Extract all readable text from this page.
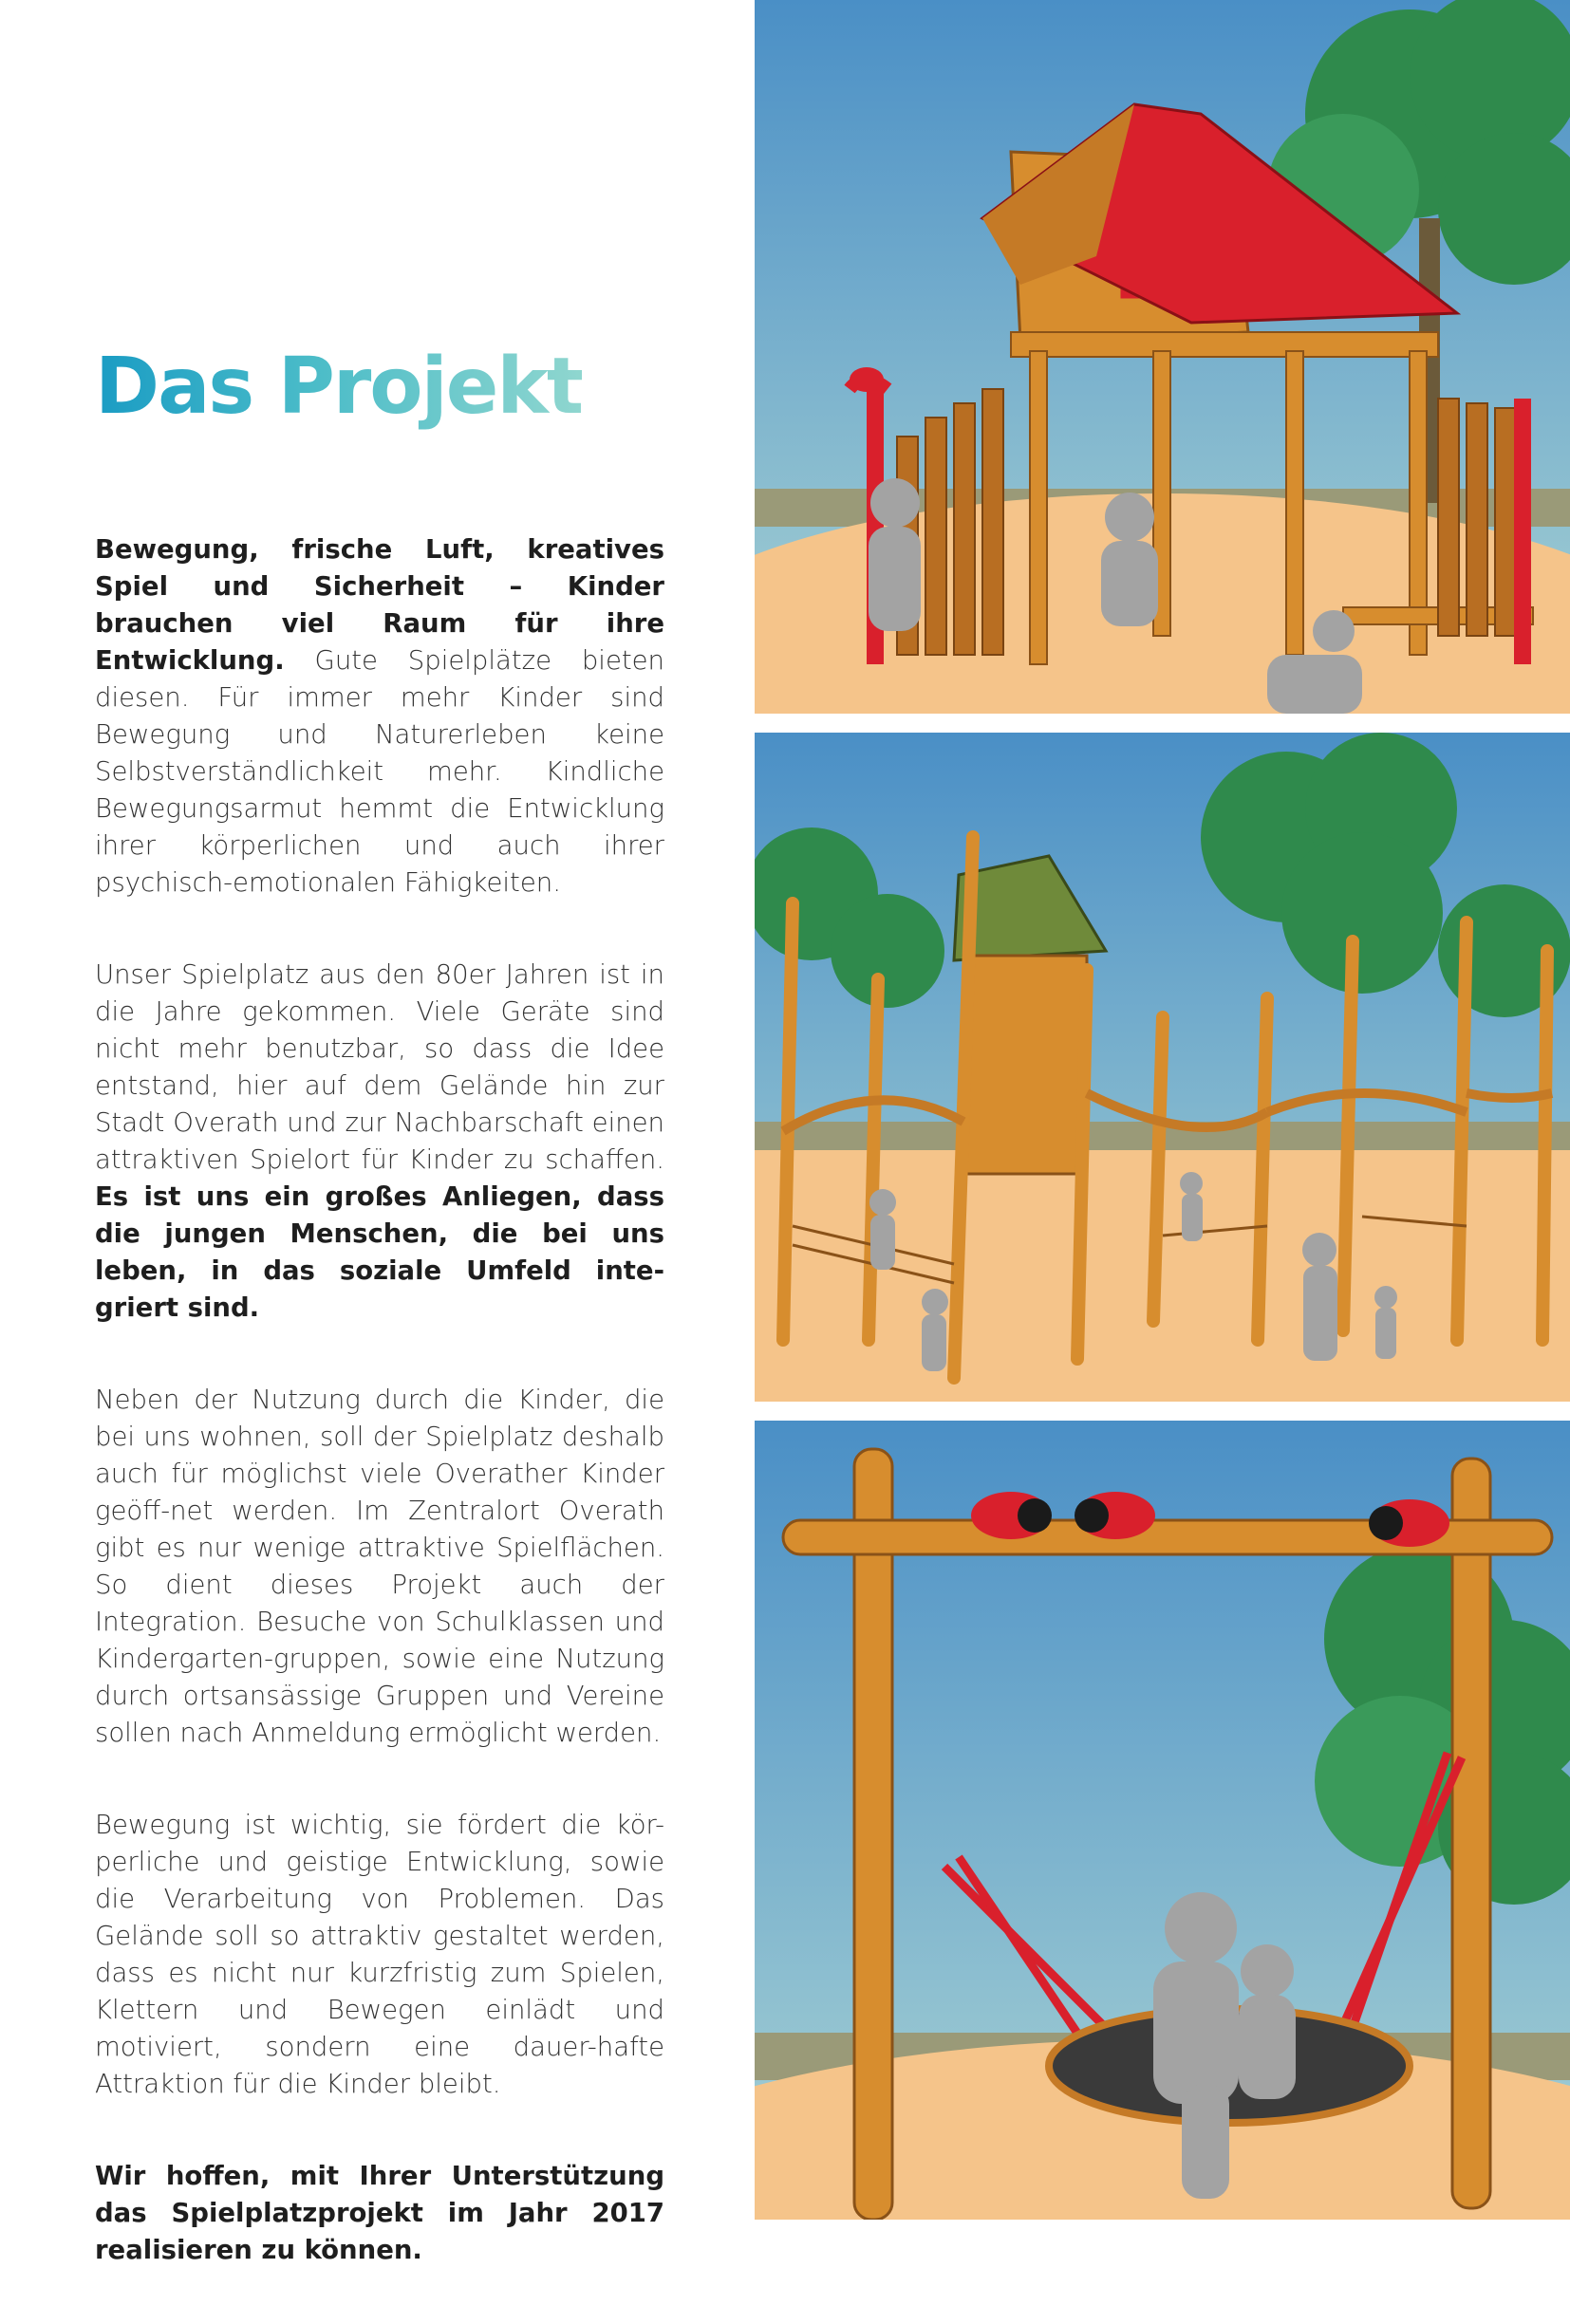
Das Projekt

Bewegung, frische Luft, kreatives Spiel und Sicherheit – Kinder brauchen viel Raum für ihre Entwicklung. Gute Spielplätze bieten diesen. Für immer mehr Kinder sind Bewegung und Naturerleben keine Selbstverständlichkeit mehr. Kindliche Bewegungsarmut hemmt die Entwicklung ihrer körperlichen und auch ihrer psychisch-emotionalen Fähigkeiten.

Unser Spielplatz aus den 80er Jahren ist in die Jahre gekommen. Viele Geräte sind nicht mehr benutzbar, so dass die Idee entstand, hier auf dem Gelände hin zur Stadt Overath und zur Nachbarschaft einen attraktiven Spielort für Kinder zu schaffen. Es ist uns ein großes Anliegen, dass die jungen Menschen, die bei uns leben, in das soziale Umfeld inte-griert sind.

Neben der Nutzung durch die Kinder, die bei uns wohnen, soll der Spielplatz deshalb auch für möglichst viele Overather Kinder geöff-net werden. Im Zentralort Overath gibt es nur wenige attraktive Spielflächen. So dient dieses Projekt auch der Integration. Besuche von Schulklassen und Kindergarten-gruppen, sowie eine Nutzung durch ortsansässige Gruppen und Vereine sollen nach Anmeldung ermöglicht werden.

Bewegung ist wichtig, sie fördert die kör-perliche und geistige Entwicklung, sowie die Verarbeitung von Problemen. Das Gelände soll so attraktiv gestaltet werden, dass es nicht nur kurzfristig zum Spielen, Klettern und Bewegen einlädt und motiviert, sondern eine dauer-hafte Attraktion für die Kinder bleibt.

Wir hoffen, mit Ihrer Unterstützung das Spielplatzprojekt im Jahr 2017 realisieren zu können.
